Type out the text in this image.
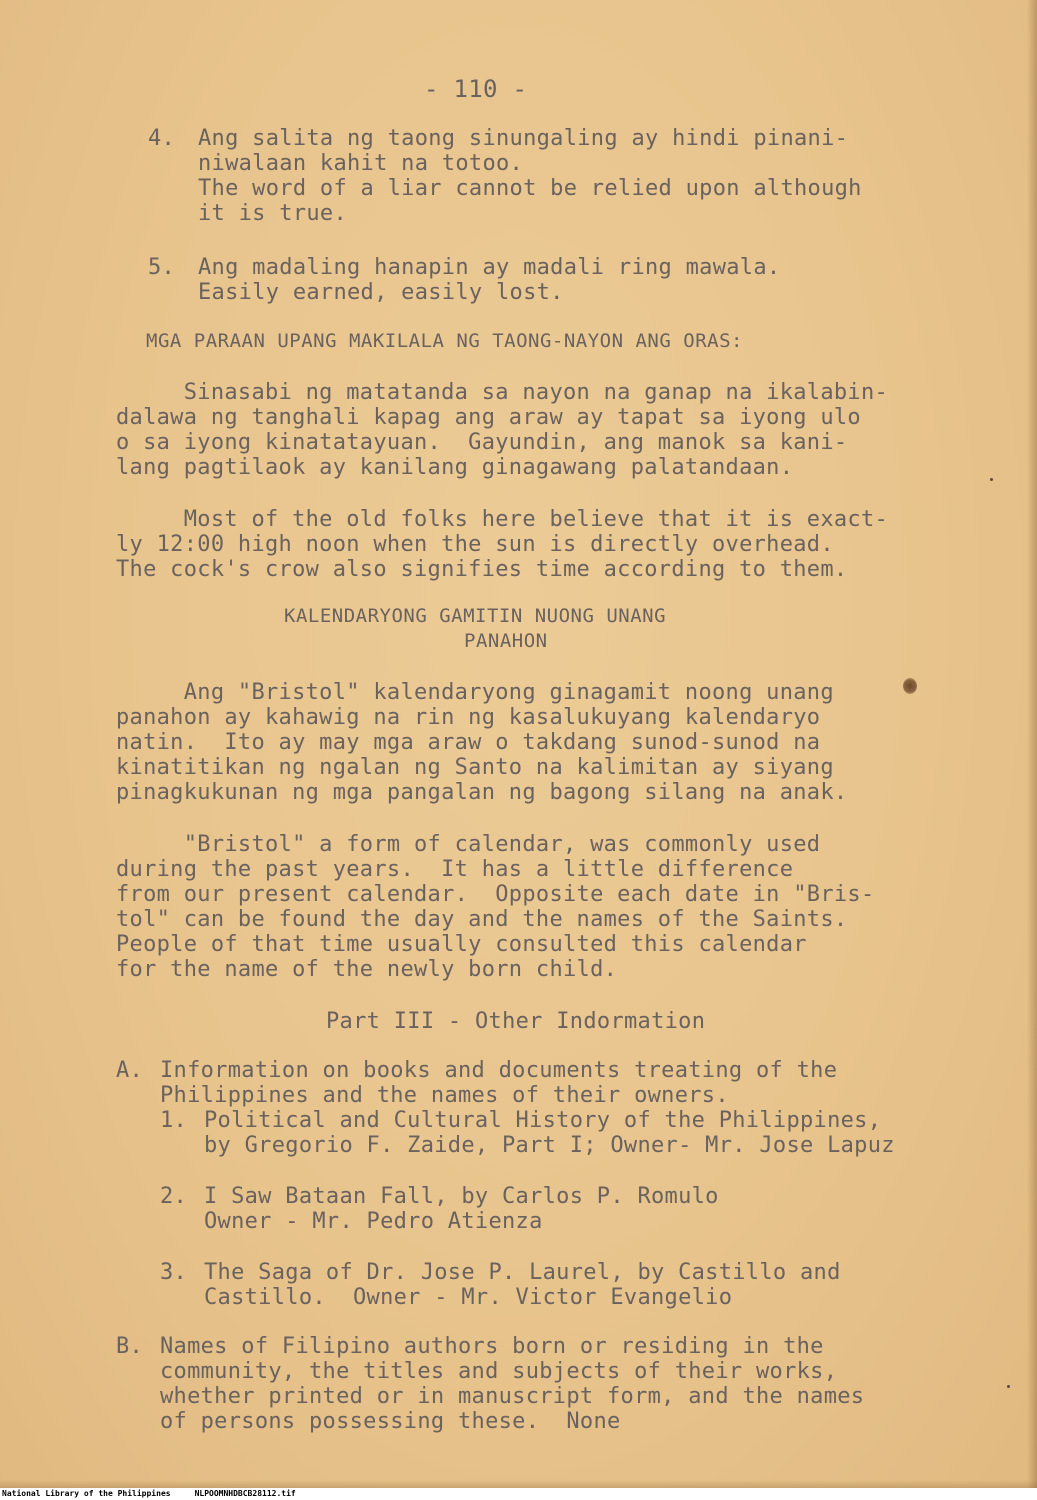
- 110 -
4. Ang salita ng taong sinungaling ay hindi pinani-
niwalaan kahit na totoo.
The word of a liar cannot be relied upon although
it is true.
5. Ang madaling hanapin ay madali ring mawala.
Easily earned, easily lost.
MGA PARAAN UPANG MAKILALA NG TAONG-NAYON ANG ORAS:
Sinasabi ng matatanda sa nayon na ganap na ikalabin-
dalawa ng tanghali kapag ang araw ay tapat sa iyong ulo
o sa iyong kinatatayuan.  Gayundin, ang manok sa kani-
lang pagtilaok ay kanilang ginagawang palatandaan.
Most of the old folks here believe that it is exact-
ly 12:00 high noon when the sun is directly overhead.
The cock's crow also signifies time according to them.
KALENDARYONG GAMITIN NUONG UNANG
PANAHON
Ang "Bristol" kalendaryong ginagamit noong unang
panahon ay kahawig na rin ng kasalukuyang kalendaryo
natin.  Ito ay may mga araw o takdang sunod-sunod na
kinatitikan ng ngalan ng Santo na kalimitan ay siyang
pinagkukunan ng mga pangalan ng bagong silang na anak.
"Bristol" a form of calendar, was commonly used
during the past years.  It has a little difference
from our present calendar.  Opposite each date in "Bris-
tol" can be found the day and the names of the Saints.
People of that time usually consulted this calendar
for the name of the newly born child.
Part III - Other Indormation
A. Information on books and documents treating of the
Philippines and the names of their owners.
1. Political and Cultural History of the Philippines,
by Gregorio F. Zaide, Part I; Owner- Mr. Jose Lapuz
2. I Saw Bataan Fall, by Carlos P. Romulo
Owner - Mr. Pedro Atienza
3. The Saga of Dr. Jose P. Laurel, by Castillo and
Castillo.  Owner - Mr. Victor Evangelio
B. Names of Filipino authors born or residing in the
community, the titles and subjects of their works,
whether printed or in manuscript form, and the names
of persons possessing these.  None
National Library of the Philippines	NLPOOMNHDBCB28112.tif
